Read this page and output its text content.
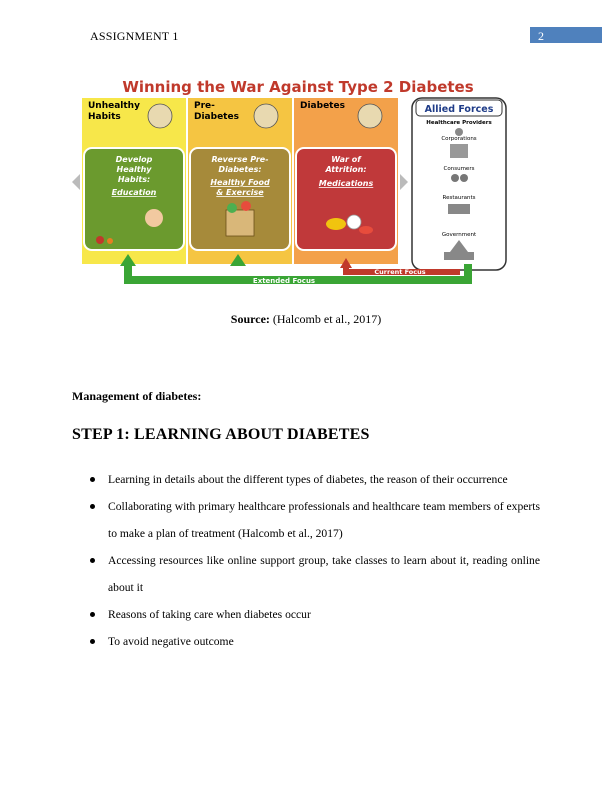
ASSIGNMENT 1	2
Winning the War Against Type 2 Diabetes
Unhealthy
Habits
Develop
Healthy
Habits:
Education
Pre-
Diabetes
Reverse Pre-
Diabetes:
Healthy Food
& Exercise
Diabetes
War of
Attrition:
Medications
Allied Forces
Healthcare Providers
Corporations
Consumers
Restaurants
Government
Extended Focus
Current Focus
Source: (Halcomb et al., 2017)
Management of diabetes:
STEP 1: LEARNING ABOUT DIABETES
Learning in details about the different types of diabetes, the reason of their occurrence
Collaborating with primary healthcare professionals and healthcare team members of experts to make a plan of treatment (Halcomb et al., 2017)
Accessing resources like online support group, take classes to learn about it, reading online about it
Reasons of taking care when diabetes occur
To avoid negative outcome
